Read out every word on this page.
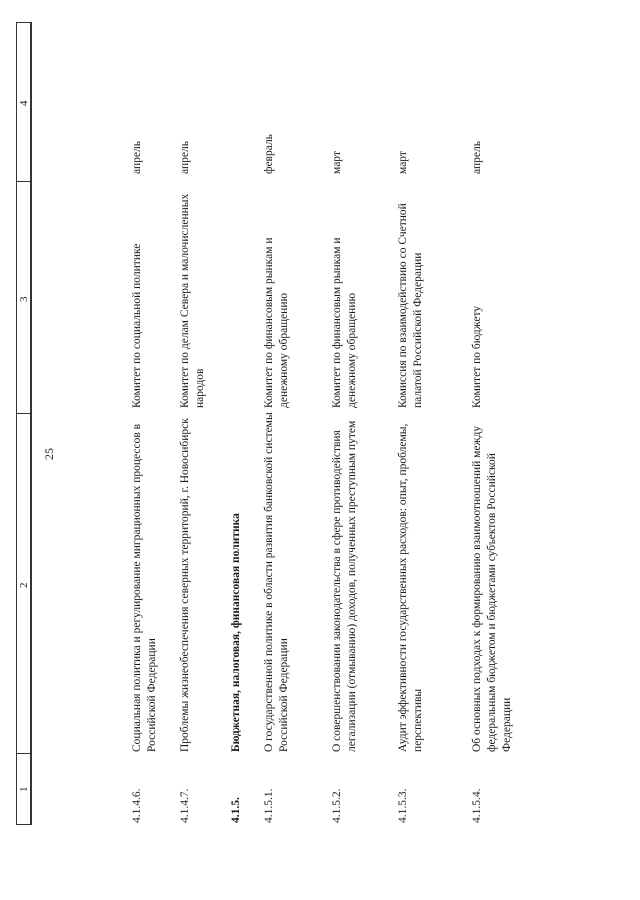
25
1
2
3
4
4.1.4.6.
Социальная политика и регулирование миграционных процессов в Российской Федерации
Комитет по социальной политике
апрель
4.1.4.7.
Проблемы жизнеобеспечения северных территорий, г. Новосибирск
Комитет по делам Севера и малочисленных народов
апрель
4.1.5.
Бюджетная, налоговая, финансовая политика
4.1.5.1.
О государственной политике в области развития банковской системы Российской Федерации
Комитет по финансовым рынкам и денежному обращению
февраль
4.1.5.2.
О совершенствовании законодательства в сфере противодействия легализации (отмыванию) доходов, полученных преступным путем
Комитет по финансовым рынкам и денежному обращению
март
4.1.5.3.
Аудит эффективности государственных расходов: опыт, проблемы, перспективы
Комиссия по взаимодействию со Счетной палатой Российской Федерации
март
4.1.5.4.
Об основных подходах к формированию взаимоотношений между федеральным бюджетом и бюджетами субъектов Российской Федерации
Комитет по бюджету
апрель
